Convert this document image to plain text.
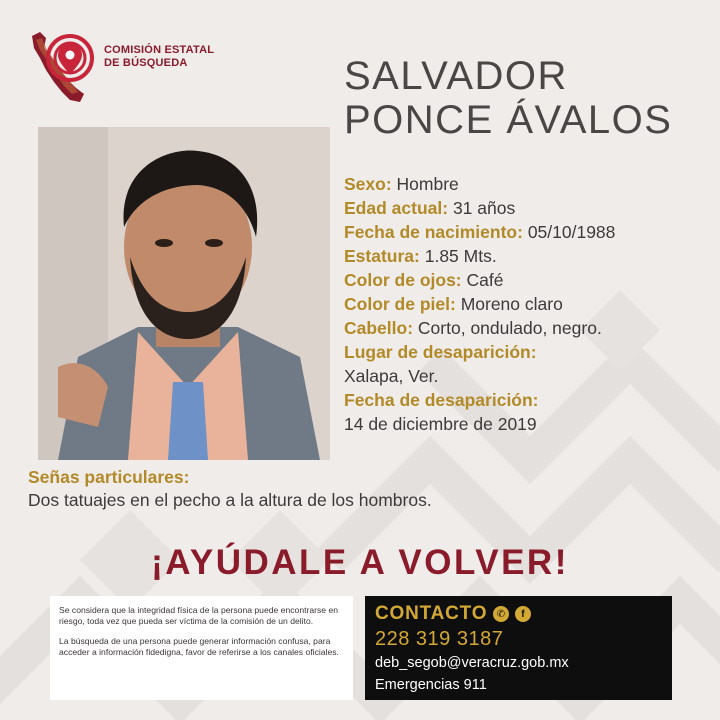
COMISIÓN ESTATAL
DE BÚSQUEDA	SALVADOR
PONCE ÁVALOS
Sexo: Hombre
Edad actual: 31 años
Fecha de nacimiento: 05/10/1988
Estatura: 1.85 Mts.
Color de ojos: Café
Color de piel: Moreno claro
Cabello: Corto, ondulado, negro.
Lugar de desaparición:
Xalapa, Ver.
Fecha de desaparición:
14 de diciembre de 2019
Señas particulares:
Dos tatuajes en el pecho a la altura de los hombros.
¡AYÚDALE A VOLVER!

Se considera que la integridad física de la persona puede encontrarse en riesgo, toda vez que pueda ser víctima de la comisión de un delito.

La búsqueda de una persona puede generar información confusa, para acceder a información fidedigna, favor de referirse a los canales oficiales.

CONTACTO ✆	f
228 319 3187
deb_segob@veracruz.gob.mx
Emergencias 911
